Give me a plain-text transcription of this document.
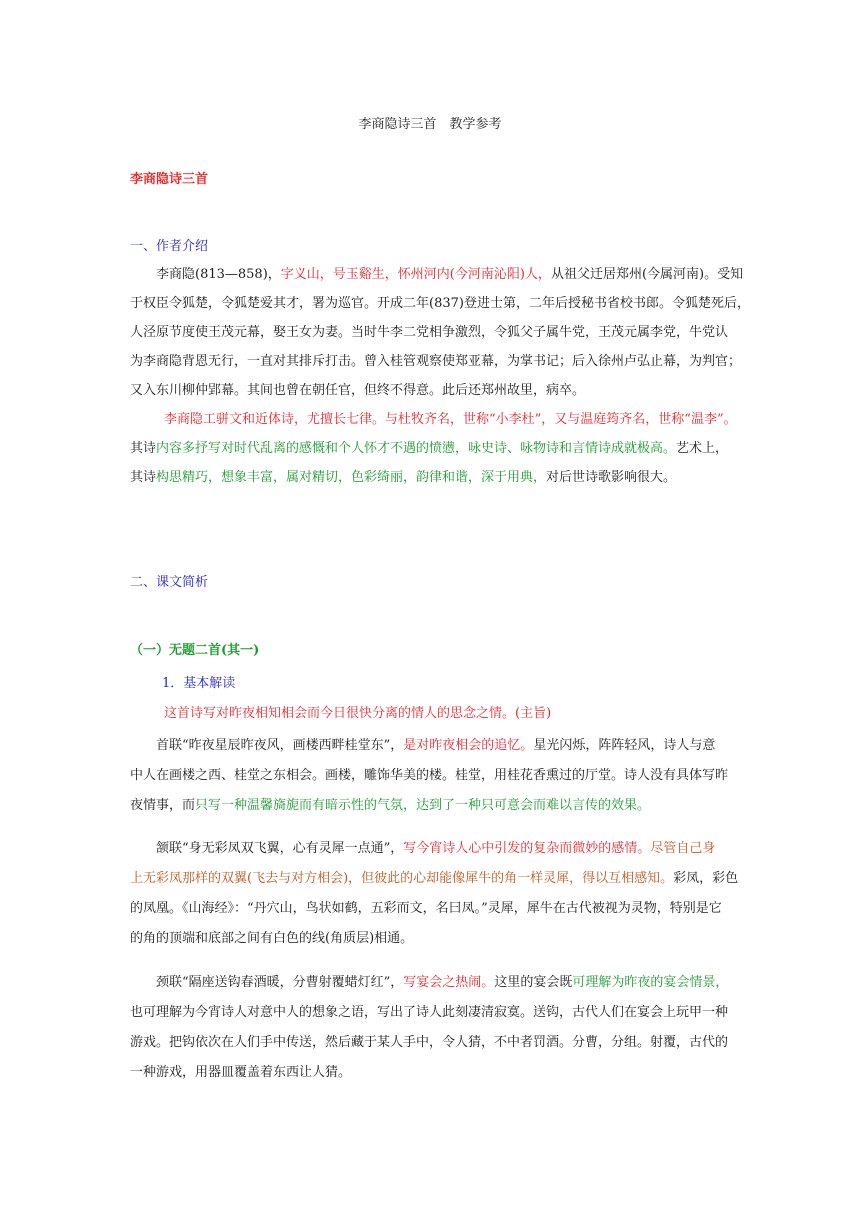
李商隐诗三首　教学参考
李商隐诗三首
一、作者介绍
李商隐(813—858)，字义山，号玉谿生，怀州河内(今河南沁阳)人，从祖父迁居郑州(今属河南)。受知
于权臣令狐楚，令狐楚爱其才，署为巡官。开成二年(837)登进士第，二年后授秘书省校书郎。令狐楚死后，
人泾原节度使王茂元幕，娶王女为妻。当时牛李二党相争激烈，令狐父子属牛党，王茂元属李党，牛党认
为李商隐背恩无行，一直对其排斥打击。曾入桂管观察使郑亚幕，为掌书记；后入徐州卢弘止幕，为判官；
又入东川柳仲郢幕。其间也曾在朝任官，但终不得意。此后还郑州故里，病卒。
李商隐工骈文和近体诗，尤擅长七律。与杜牧齐名，世称“小李杜”，又与温庭筠齐名，世称“温李”。
其诗内容多抒写对时代乱离的感慨和个人怀才不遇的愤懑，咏史诗、咏物诗和言情诗成就极高。艺术上，
其诗构思精巧，想象丰富，属对精切，色彩绮丽，韵律和谐，深于用典，对后世诗歌影响很大。
二、课文简析
（一）无题二首(其一)
1．基本解读
这首诗写对昨夜相知相会而今日很快分离的情人的思念之情。(主旨)
首联“昨夜星辰昨夜风，画楼西畔桂堂东”，是对昨夜相会的追忆。星光闪烁，阵阵轻风，诗人与意
中人在画楼之西、桂堂之东相会。画楼，雕饰华美的楼。桂堂，用桂花香熏过的厅堂。诗人没有具体写昨
夜情事，而只写一种温馨旖旎而有暗示性的气氛，达到了一种只可意会而难以言传的效果。
颔联“身无彩凤双飞翼，心有灵犀一点通”，写今宵诗人心中引发的复杂而微妙的感情。尽管自己身
上无彩凤那样的双翼(飞去与对方相会)，但彼此的心却能像犀牛的角一样灵犀，得以互相感知。彩凤，彩色
的凤凰。《山海经》：“丹穴山，鸟状如鹤，五彩而文，名曰凤。”灵犀，犀牛在古代被视为灵物，特别是它
的角的顶端和底部之间有白色的线(角质层)相通。
颈联“隔座送钩春酒暖，分曹射覆蜡灯红”，写宴会之热闹。这里的宴会既可理解为昨夜的宴会情景，
也可理解为今宵诗人对意中人的想象之语，写出了诗人此刻凄清寂寞。送钩，古代人们在宴会上玩甲一种
游戏。把钩依次在人们手中传送，然后藏于某人手中，令人猜，不中者罚酒。分曹，分组。射覆，古代的
一种游戏，用器皿覆盖着东西让人猜。
